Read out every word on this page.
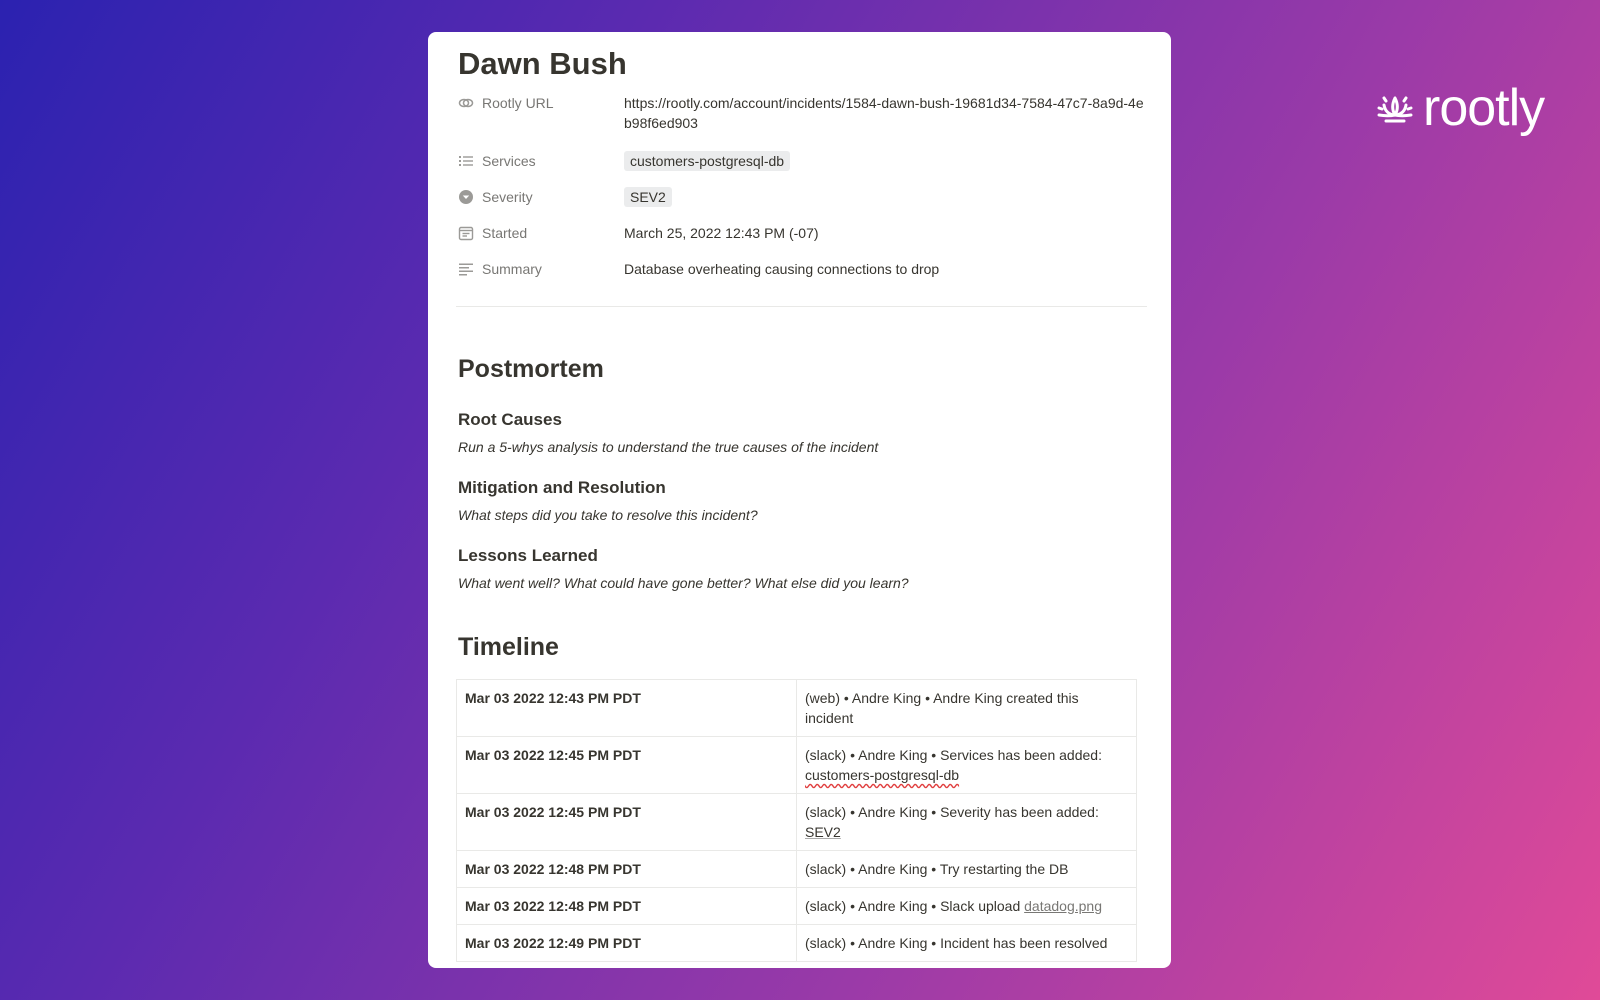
rootly
Dawn Bush
Rootly URL	https://rootly.com/account/incidents/1584-dawn-bush-19681d34-7584-47c7-8a9d-4eb98f6ed903
Services	customers-postgresql-db
Severity	SEV2
Started	March 25, 2022 12:43 PM (-07)
Summary	Database overheating causing connections to drop
Postmortem
Root Causes
Run a 5-whys analysis to understand the true causes of the incident
Mitigation and Resolution
What steps did you take to resolve this incident?
Lessons Learned
What went well? What could have gone better? What else did you learn?
Timeline
Mar 03 2022 12:43 PM PDT	(web) • Andre King • Andre King created this incident
Mar 03 2022 12:45 PM PDT	(slack) • Andre King • Services has been added:
customers-postgresql-db
Mar 03 2022 12:45 PM PDT	(slack) • Andre King • Severity has been added:
SEV2
Mar 03 2022 12:48 PM PDT	(slack) • Andre King • Try restarting the DB
Mar 03 2022 12:48 PM PDT	(slack) • Andre King • Slack upload datadog.png
Mar 03 2022 12:49 PM PDT	(slack) • Andre King • Incident has been resolved
